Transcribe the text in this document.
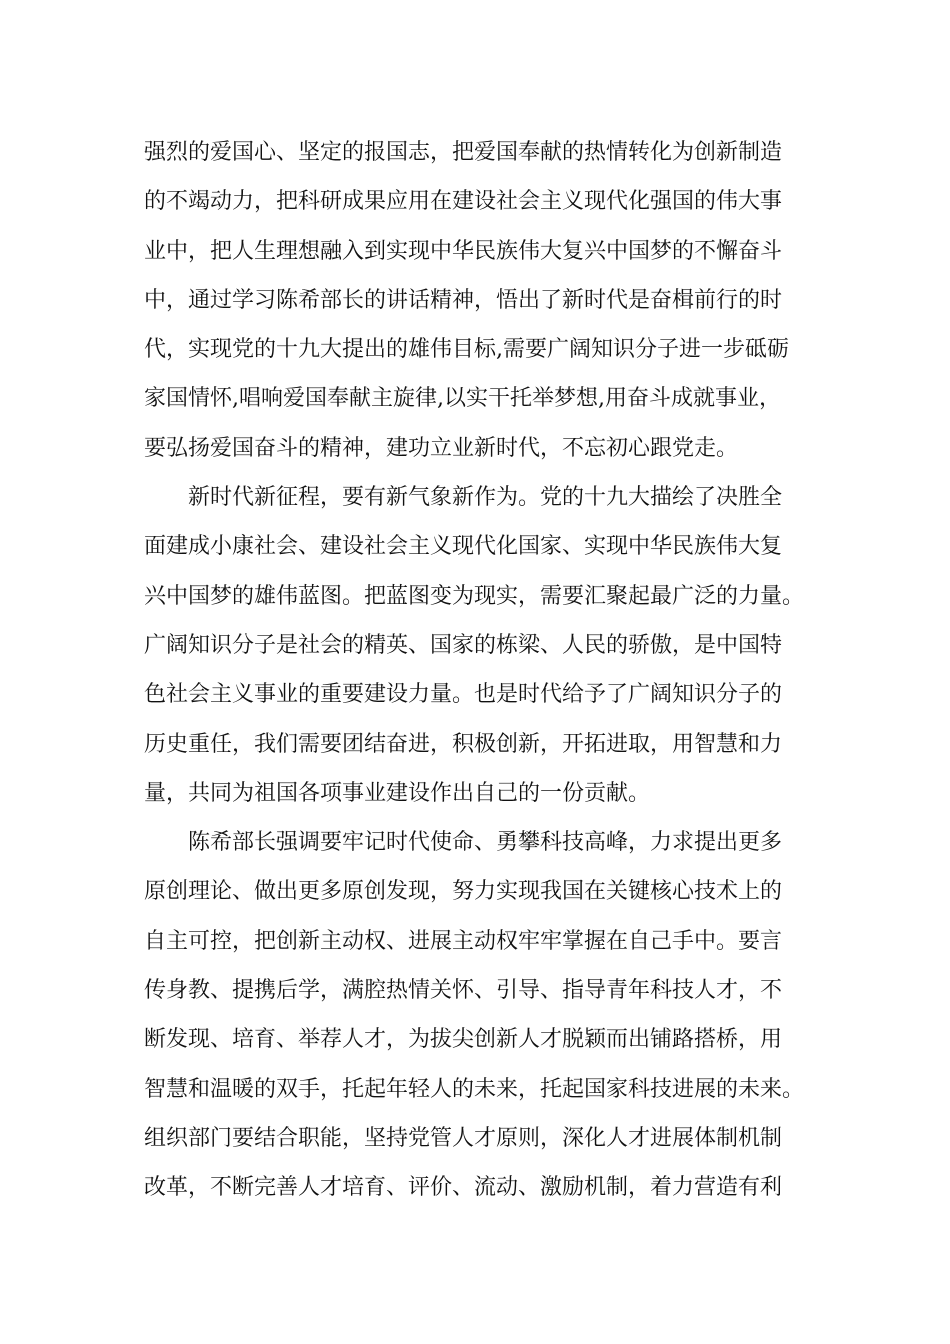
强烈的爱国心、坚定的报国志，把爱国奉献的热情转化为创新制造
的不竭动力，把科研成果应用在建设社会主义现代化强国的伟大事
业中，把人生理想融入到实现中华民族伟大复兴中国梦的不懈奋斗
中，通过学习陈希部长的讲话精神，悟出了新时代是奋楫前行的时
代，实现党的十九大提出的雄伟目标,需要广阔知识分子进一步砥砺
家国情怀,唱响爱国奉献主旋律,以实干托举梦想,用奋斗成就事业，
要弘扬爱国奋斗的精神，建功立业新时代，不忘初心跟党走。
　　新时代新征程，要有新气象新作为。党的十九大描绘了决胜全
面建成小康社会、建设社会主义现代化国家、实现中华民族伟大复
兴中国梦的雄伟蓝图。把蓝图变为现实，需要汇聚起最广泛的力量。
广阔知识分子是社会的精英、国家的栋梁、人民的骄傲，是中国特
色社会主义事业的重要建设力量。也是时代给予了广阔知识分子的
历史重任，我们需要团结奋进，积极创新，开拓进取，用智慧和力
量，共同为祖国各项事业建设作出自己的一份贡献。
　　陈希部长强调要牢记时代使命、勇攀科技高峰，力求提出更多
原创理论、做出更多原创发现，努力实现我国在关键核心技术上的
自主可控，把创新主动权、进展主动权牢牢掌握在自己手中。要言
传身教、提携后学，满腔热情关怀、引导、指导青年科技人才，不
断发现、培育、举荐人才，为拔尖创新人才脱颖而出铺路搭桥，用
智慧和温暖的双手，托起年轻人的未来，托起国家科技进展的未来。
组织部门要结合职能，坚持党管人才原则，深化人才进展体制机制
改革，不断完善人才培育、评价、流动、激励机制，着力营造有利
